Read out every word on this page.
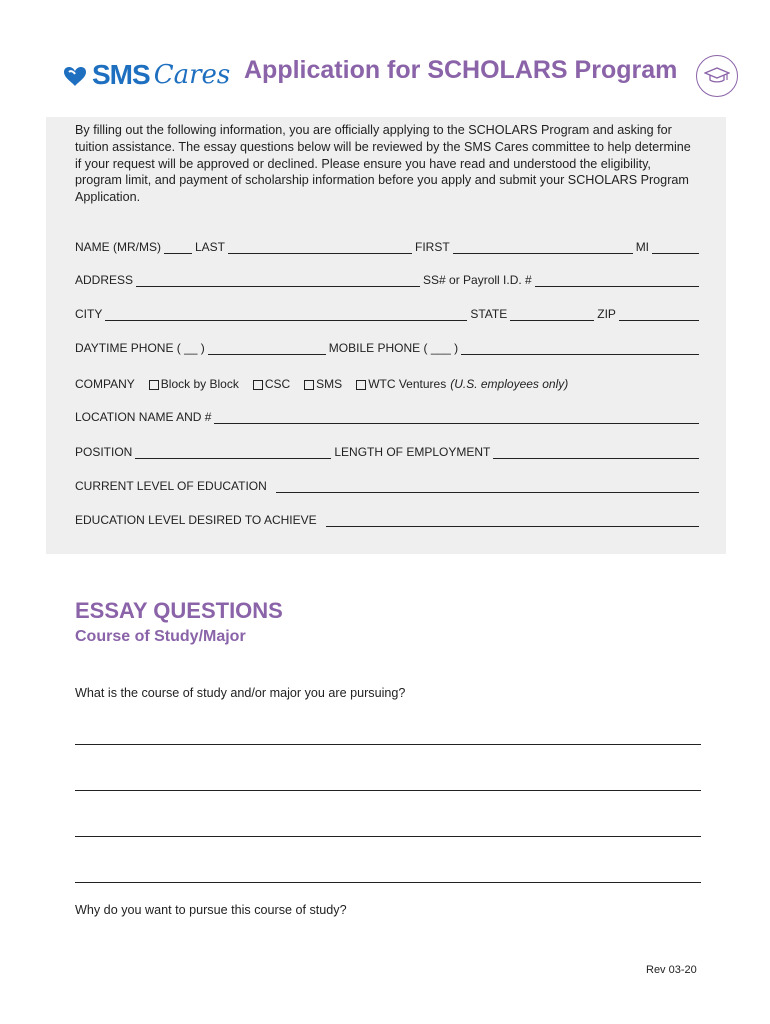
SMS Cares Application for SCHOLARS Program
By filling out the following information, you are officially applying to the SCHOLARS Program and asking for tuition assistance. The essay questions below will be reviewed by the SMS Cares committee to help determine if your request will be approved or declined. Please ensure you have read and understood the eligibility, program limit, and payment of scholarship information before you apply and submit your SCHOLARS Program Application.
NAME (MR/MS)	LAST	FIRST	MI
ADDRESS	SS# or Payroll I.D. #
CITY	STATE	ZIP
DAYTIME PHONE ( __ )	MOBILE PHONE ( ___ )
COMPANY Block by Block CSC SMS WTC Ventures (U.S. employees only)
LOCATION NAME AND #
POSITION	LENGTH OF EMPLOYMENT
CURRENT LEVEL OF EDUCATION
EDUCATION LEVEL DESIRED TO ACHIEVE
ESSAY QUESTIONS
Course of Study/Major
What is the course of study and/or major you are pursuing?
Why do you want to pursue this course of study?
Rev 03-20
